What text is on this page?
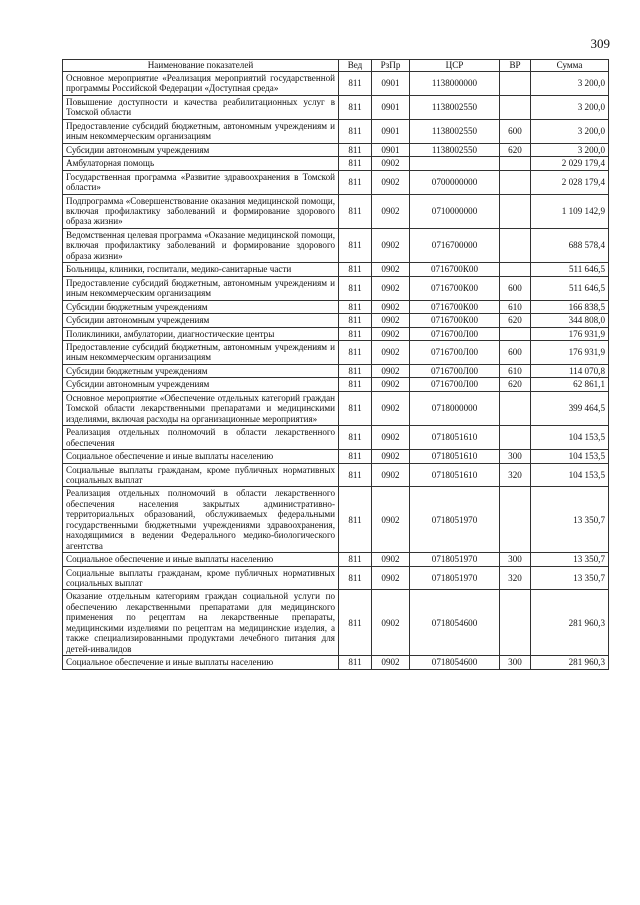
309
Наименование показателей	Вед	РзПр	ЦСР	ВР	Сумма
Основное мероприятие «Реализация мероприятий государственной программы Российской Федерации «Доступная среда»	811	0901	1138000000		3 200,0
Повышение доступности и качества реабилитационных услуг в Томской области	811	0901	1138002550		3 200,0
Предоставление субсидий бюджетным, автономным учреждениям и иным некоммерческим организациям	811	0901	1138002550	600	3 200,0
Субсидии автономным учреждениям	811	0901	1138002550	620	3 200,0
Амбулаторная помощь	811	0902			2 029 179,4
Государственная программа «Развитие здравоохранения в Томской области»	811	0902	0700000000		2 028 179,4
Подпрограмма «Совершенствование оказания медицинской помощи, включая профилактику заболеваний и формирование здорового образа жизни»	811	0902	0710000000		1 109 142,9
Ведомственная целевая программа «Оказание медицинской помощи, включая профилактику заболеваний и формирование здорового образа жизни»	811	0902	0716700000		688 578,4
Больницы, клиники, госпитали, медико-санитарные части	811	0902	0716700К00		511 646,5
Предоставление субсидий бюджетным, автономным учреждениям и иным некоммерческим организациям	811	0902	0716700К00	600	511 646,5
Субсидии бюджетным учреждениям	811	0902	0716700К00	610	166 838,5
Субсидии автономным учреждениям	811	0902	0716700К00	620	344 808,0
Поликлиники, амбулатории, диагностические центры	811	0902	0716700Л00		176 931,9
Предоставление субсидий бюджетным, автономным учреждениям и иным некоммерческим организациям	811	0902	0716700Л00	600	176 931,9
Субсидии бюджетным учреждениям	811	0902	0716700Л00	610	114 070,8
Субсидии автономным учреждениям	811	0902	0716700Л00	620	62 861,1
Основное мероприятие «Обеспечение отдельных категорий граждан Томской области лекарственными препаратами и медицинскими изделиями, включая расходы на организационные мероприятия»	811	0902	0718000000		399 464,5
Реализация отдельных полномочий в области лекарственного обеспечения	811	0902	0718051610		104 153,5
Социальное обеспечение и иные выплаты населению	811	0902	0718051610	300	104 153,5
Социальные выплаты гражданам, кроме публичных нормативных социальных выплат	811	0902	0718051610	320	104 153,5
Реализация отдельных полномочий в области лекарственного обеспечения населения закрытых административно-территориальных образований, обслуживаемых федеральными государственными бюджетными учреждениями здравоохранения, находящимися в ведении Федерального медико-биологического агентства	811	0902	0718051970		13 350,7
Социальное обеспечение и иные выплаты населению	811	0902	0718051970	300	13 350,7
Социальные выплаты гражданам, кроме публичных нормативных социальных выплат	811	0902	0718051970	320	13 350,7
Оказание отдельным категориям граждан социальной услуги по обеспечению лекарственными препаратами для медицинского применения по рецептам на лекарственные препараты, медицинскими изделиями по рецептам на медицинские изделия, а также специализированными продуктами лечебного питания для детей-инвалидов	811	0902	0718054600		281 960,3
Социальное обеспечение и иные выплаты населению	811	0902	0718054600	300	281 960,3
